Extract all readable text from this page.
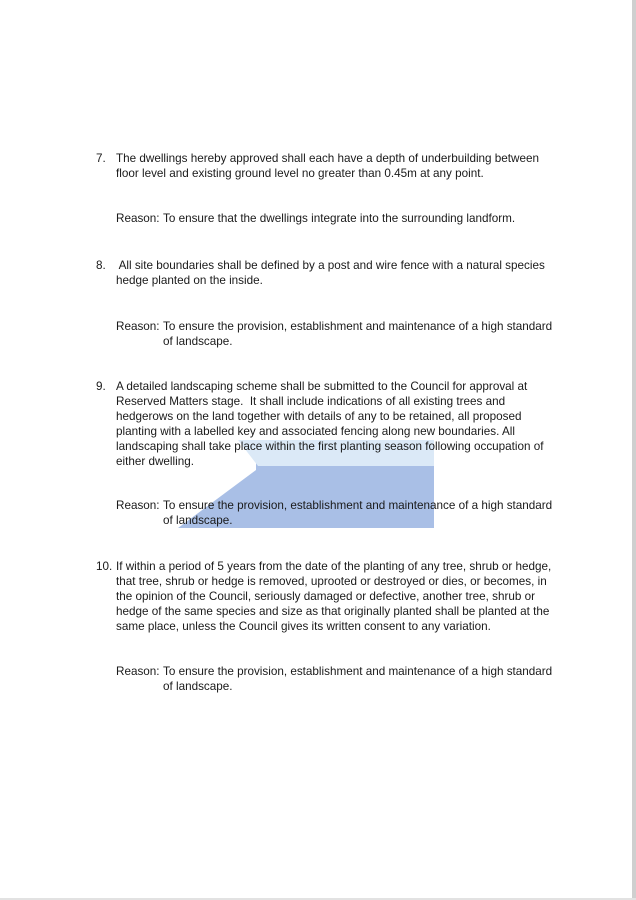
7. The dwellings hereby approved shall each have a depth of underbuilding between
floor level and existing ground level no greater than 0.45m at any point.
Reason: To ensure that the dwellings integrate into the surrounding landform.
8. All site boundaries shall be defined by a post and wire fence with a natural species
hedge planted on the inside.
Reason: To ensure the provision, establishment and maintenance of a high standard
of landscape.
9. A detailed landscaping scheme shall be submitted to the Council for approval at
Reserved Matters stage.  It shall include indications of all existing trees and
hedgerows on the land together with details of any to be retained, all proposed
planting with a labelled key and associated fencing along new boundaries. All
landscaping shall take place within the first planting season following occupation of
either dwelling.
Reason: To ensure the provision, establishment and maintenance of a high standard
of landscape.
10. If within a period of 5 years from the date of the planting of any tree, shrub or hedge,
that tree, shrub or hedge is removed, uprooted or destroyed or dies, or becomes, in
the opinion of the Council, seriously damaged or defective, another tree, shrub or
hedge of the same species and size as that originally planted shall be planted at the
same place, unless the Council gives its written consent to any variation.
Reason: To ensure the provision, establishment and maintenance of a high standard
of landscape.
